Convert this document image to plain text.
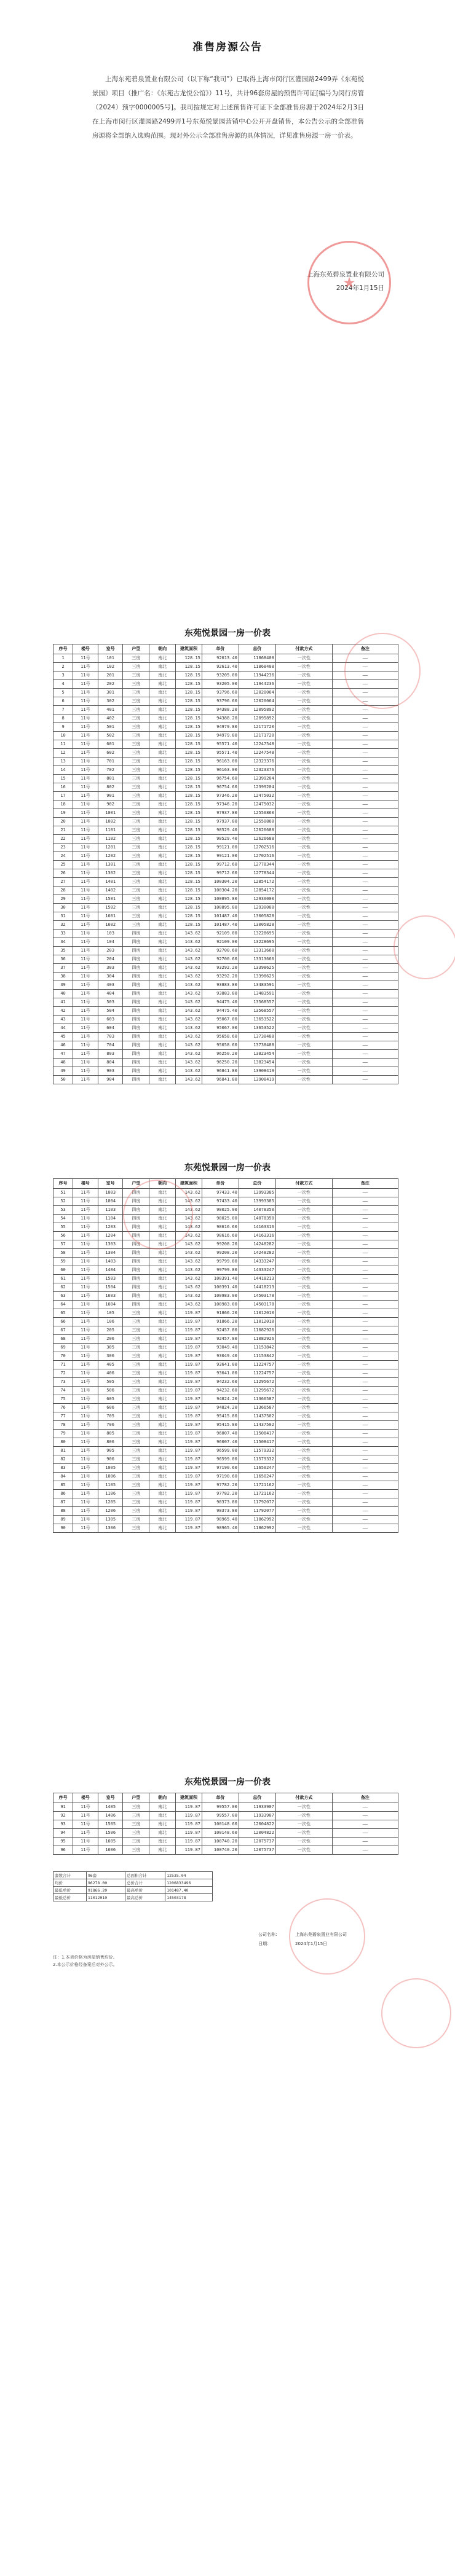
准售房源公告

上海东苑碧泉置业有限公司（以下称“我司”）已取得上海市闵行区灌园路2499弄《东苑悦景园》项目（推广名：《东苑古龙悦公馆》）11号，共计96套房屋的预售许可证[编号为闵行房管（2024）预字0000005号]。我司按规定对上述预售许可证下全部准售房源于2024年2月3日在上海市闵行区灌园路2499弄1号东苑悦景园营销中心公开开盘销售，本公告公示的全部准售房源将全部纳入选购范围。现对外公示全部准售房源的具体情况，详见准售房源一房一价表。

上海东苑碧泉置业有限公司
2024年1月15日
★
东苑悦景园一房一价表
序号	楼号	室号	户型	朝向	建筑面积	单价	总价	付款方式	备注
1	11号	101	三房	南北	128.15	92613.40	11868408	一次性	——
2	11号	102	三房	南北	128.15	92613.40	11868408	一次性	——
3	11号	201	三房	南北	128.15	93205.00	11944236	一次性	——
4	11号	202	三房	南北	128.15	93205.00	11944236	一次性	——
5	11号	301	三房	南北	128.15	93796.60	12020064	一次性	——
6	11号	302	三房	南北	128.15	93796.60	12020064	一次性	——
7	11号	401	三房	南北	128.15	94388.20	12095892	一次性	——
8	11号	402	三房	南北	128.15	94388.20	12095892	一次性	——
9	11号	501	三房	南北	128.15	94979.80	12171720	一次性	——
10	11号	502	三房	南北	128.15	94979.80	12171720	一次性	——
11	11号	601	三房	南北	128.15	95571.40	12247548	一次性	——
12	11号	602	三房	南北	128.15	95571.40	12247548	一次性	——
13	11号	701	三房	南北	128.15	96163.00	12323376	一次性	——
14	11号	702	三房	南北	128.15	96163.00	12323376	一次性	——
15	11号	801	三房	南北	128.15	96754.60	12399204	一次性	——
16	11号	802	三房	南北	128.15	96754.60	12399204	一次性	——
17	11号	901	三房	南北	128.15	97346.20	12475032	一次性	——
18	11号	902	三房	南北	128.15	97346.20	12475032	一次性	——
19	11号	1001	三房	南北	128.15	97937.80	12550860	一次性	——
20	11号	1002	三房	南北	128.15	97937.80	12550860	一次性	——
21	11号	1101	三房	南北	128.15	98529.40	12626688	一次性	——
22	11号	1102	三房	南北	128.15	98529.40	12626688	一次性	——
23	11号	1201	三房	南北	128.15	99121.00	12702516	一次性	——
24	11号	1202	三房	南北	128.15	99121.00	12702516	一次性	——
25	11号	1301	三房	南北	128.15	99712.60	12778344	一次性	——
26	11号	1302	三房	南北	128.15	99712.60	12778344	一次性	——
27	11号	1401	三房	南北	128.15	100304.20	12854172	一次性	——
28	11号	1402	三房	南北	128.15	100304.20	12854172	一次性	——
29	11号	1501	三房	南北	128.15	100895.80	12930000	一次性	——
30	11号	1502	三房	南北	128.15	100895.80	12930000	一次性	——
31	11号	1601	三房	南北	128.15	101487.40	13005828	一次性	——
32	11号	1602	三房	南北	128.15	101487.40	13005828	一次性	——
33	11号	103	四房	南北	143.62	92109.00	13228695	一次性	——
34	11号	104	四房	南北	143.62	92109.00	13228695	一次性	——
35	11号	203	四房	南北	143.62	92700.60	13313660	一次性	——
36	11号	204	四房	南北	143.62	92700.60	13313660	一次性	——
37	11号	303	四房	南北	143.62	93292.20	13398625	一次性	——
38	11号	304	四房	南北	143.62	93292.20	13398625	一次性	——
39	11号	403	四房	南北	143.62	93883.80	13483591	一次性	——
40	11号	404	四房	南北	143.62	93883.80	13483591	一次性	——
41	11号	503	四房	南北	143.62	94475.40	13568557	一次性	——
42	11号	504	四房	南北	143.62	94475.40	13568557	一次性	——
43	11号	603	四房	南北	143.62	95067.00	13653522	一次性	——
44	11号	604	四房	南北	143.62	95067.00	13653522	一次性	——
45	11号	703	四房	南北	143.62	95658.60	13738488	一次性	——
46	11号	704	四房	南北	143.62	95658.60	13738488	一次性	——
47	11号	803	四房	南北	143.62	96250.20	13823454	一次性	——
48	11号	804	四房	南北	143.62	96250.20	13823454	一次性	——
49	11号	903	四房	南北	143.62	96841.80	13908419	一次性	——
50	11号	904	四房	南北	143.62	96841.80	13908419	一次性	——
东苑悦景园一房一价表
序号	楼号	室号	户型	朝向	建筑面积	单价	总价	付款方式	备注
51	11号	1003	四房	南北	143.62	97433.40	13993385	一次性	——
52	11号	1004	四房	南北	143.62	97433.40	13993385	一次性	——
53	11号	1103	四房	南北	143.62	98025.00	14078350	一次性	——
54	11号	1104	四房	南北	143.62	98025.00	14078350	一次性	——
55	11号	1203	四房	南北	143.62	98616.60	14163316	一次性	——
56	11号	1204	四房	南北	143.62	98616.60	14163316	一次性	——
57	11号	1303	四房	南北	143.62	99208.20	14248282	一次性	——
58	11号	1304	四房	南北	143.62	99208.20	14248282	一次性	——
59	11号	1403	四房	南北	143.62	99799.80	14333247	一次性	——
60	11号	1404	四房	南北	143.62	99799.80	14333247	一次性	——
61	11号	1503	四房	南北	143.62	100391.40	14418213	一次性	——
62	11号	1504	四房	南北	143.62	100391.40	14418213	一次性	——
63	11号	1603	四房	南北	143.62	100983.00	14503178	一次性	——
64	11号	1604	四房	南北	143.62	100983.00	14503178	一次性	——
65	11号	105	三房	南北	119.87	91866.20	11012010	一次性	——
66	11号	106	三房	南北	119.87	91866.20	11012010	一次性	——
67	11号	205	三房	南北	119.87	92457.80	11082926	一次性	——
68	11号	206	三房	南北	119.87	92457.80	11082926	一次性	——
69	11号	305	三房	南北	119.87	93049.40	11153842	一次性	——
70	11号	306	三房	南北	119.87	93049.40	11153842	一次性	——
71	11号	405	三房	南北	119.87	93641.00	11224757	一次性	——
72	11号	406	三房	南北	119.87	93641.00	11224757	一次性	——
73	11号	505	三房	南北	119.87	94232.60	11295672	一次性	——
74	11号	506	三房	南北	119.87	94232.60	11295672	一次性	——
75	11号	605	三房	南北	119.87	94824.20	11366587	一次性	——
76	11号	606	三房	南北	119.87	94824.20	11366587	一次性	——
77	11号	705	三房	南北	119.87	95415.80	11437502	一次性	——
78	11号	706	三房	南北	119.87	95415.80	11437502	一次性	——
79	11号	805	三房	南北	119.87	96007.40	11508417	一次性	——
80	11号	806	三房	南北	119.87	96007.40	11508417	一次性	——
81	11号	905	三房	南北	119.87	96599.00	11579332	一次性	——
82	11号	906	三房	南北	119.87	96599.00	11579332	一次性	——
83	11号	1005	三房	南北	119.87	97190.60	11650247	一次性	——
84	11号	1006	三房	南北	119.87	97190.60	11650247	一次性	——
85	11号	1105	三房	南北	119.87	97782.20	11721162	一次性	——
86	11号	1106	三房	南北	119.87	97782.20	11721162	一次性	——
87	11号	1205	三房	南北	119.87	98373.80	11792077	一次性	——
88	11号	1206	三房	南北	119.87	98373.80	11792077	一次性	——
89	11号	1305	三房	南北	119.87	98965.40	11862992	一次性	——
90	11号	1306	三房	南北	119.87	98965.40	11862992	一次性	——
东苑悦景园一房一价表
序号	楼号	室号	户型	朝向	建筑面积	单价	总价	付款方式	备注
91	11号	1405	三房	南北	119.87	99557.00	11933907	一次性	——
92	11号	1406	三房	南北	119.87	99557.00	11933907	一次性	——
93	11号	1505	三房	南北	119.87	100148.60	12004822	一次性	——
94	11号	1506	三房	南北	119.87	100148.60	12004822	一次性	——
95	11号	1605	三房	南北	119.87	100740.20	12075737	一次性	——
96	11号	1606	三房	南北	119.87	100740.20	12075737	一次性	——
套数合计	96套	总面积合计	12535.04
均价	96278.00	总价合计	1206833496
最低单价	91866.20	最高单价	101487.40
最低总价	11012010	最高总价	14503178
公司名称：	上海东苑碧泉置业有限公司
日期：	2024年1月15日
注：1.本表价格为房屋销售均价。
2.本公示价格经备案后对外公示。
